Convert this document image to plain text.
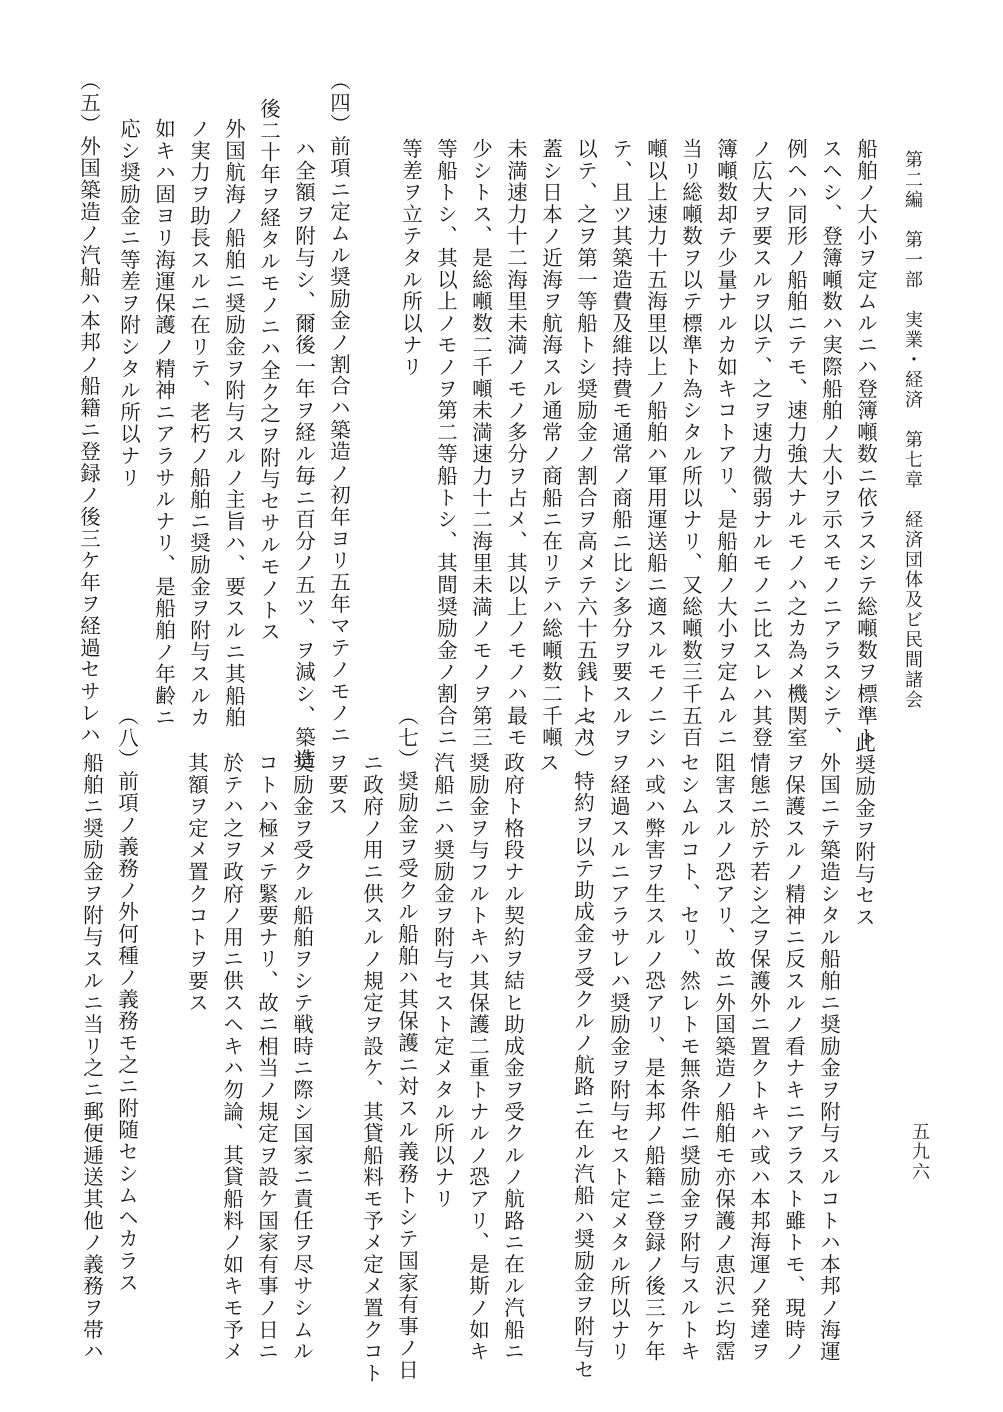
第二編　第一部　実業・経済　第七章　経済団体及ビ民間諸会
五九六
船舶ノ大小ヲ定ムルニハ登簿噸数ニ依ラスシテ総噸数ヲ標準ト
スヘシ、登簿噸数ハ実際船舶ノ大小ヲ示スモノニアラスシテ、
例ヘハ同形ノ船舶ニテモ、速力強大ナルモノハ之カ為メ機関室
ノ広大ヲ要スルヲ以テ、之ヲ速力微弱ナルモノニ比スレハ其登
簿噸数却テ少量ナルカ如キコトアリ、是船舶ノ大小ヲ定ムルニ
当リ総噸数ヲ以テ標準ト為シタル所以ナリ、又総噸数三千五百
噸以上速力十五海里以上ノ船舶ハ軍用運送船ニ適スルモノニシ
テ、且ツ其築造費及維持費モ通常ノ商船ニ比シ多分ヲ要スルヲ
以テ、之ヲ第一等船トシ奨励金ノ割合ヲ高メテ六十五銭トセリ
蓋シ日本ノ近海ヲ航海スル通常ノ商船ニ在リテハ総噸数二千噸
未満速力十二海里未満ノモノ多分ヲ占メ、其以上ノモノハ最モ
少シトス、是総噸数二千噸未満速力十二海里未満ノモノヲ第三
等船トシ、其以上ノモノヲ第二等船トシ、其間奨励金ノ割合ニ
等差ヲ立テタル所以ナリ
（四）前項ニ定ムル奨励金ノ割合ハ築造ノ初年ヨリ五年マテノモノニ
ハ全額ヲ附与シ、爾後一年ヲ経ル毎ニ百分ノ五ツ、ヲ減シ、築造
後二十年ヲ経タルモノニハ全ク之ヲ附与セサルモノトス
外国航海ノ船舶ニ奨励金ヲ附与スルノ主旨ハ、要スルニ其船舶
ノ実力ヲ助長スルニ在リテ、老朽ノ船舶ニ奨励金ヲ附与スルカ
如キハ固ヨリ海運保護ノ精神ニアラサルナリ、是船舶ノ年齢ニ
応シ奨励金ニ等差ヲ附シタル所以ナリ
（五）外国築造ノ汽船ハ本邦ノ船籍ニ登録ノ後三ケ年ヲ経過セサレハ
此奨励金ヲ附与セス
外国ニテ築造シタル船舶ニ奨励金ヲ附与スルコトハ本邦ノ海運
ヲ保護スルノ精神ニ反スルノ看ナキニアラスト雖トモ、現時ノ
情態ニ於テ若シ之ヲ保護外ニ置クトキハ或ハ本邦海運ノ発達ヲ
阻害スルノ恐アリ、故ニ外国築造ノ船舶モ亦保護ノ恵沢ニ均霑
セシムルコト、セリ、然レトモ無条件ニ奨励金ヲ附与スルトキ
ハ或ハ弊害ヲ生スルノ恐アリ、是本邦ノ船籍ニ登録ノ後三ケ年
ヲ経過スルニアラサレハ奨励金ヲ附与セスト定メタル所以ナリ
（六）特約ヲ以テ助成金ヲ受クルノ航路ニ在ル汽船ハ奨励金ヲ附与セ
ス
政府ト格段ナル契約ヲ結ヒ助成金ヲ受クルノ航路ニ在ル汽船ニ
奨励金ヲ与フルトキハ其保護二重トナルノ恐アリ、是斯ノ如キ
汽船ニハ奨励金ヲ附与セスト定メタル所以ナリ
（七）奨励金ヲ受クル船舶ハ其保護ニ対スル義務トシテ国家有事ノ日
ニ政府ノ用ニ供スルノ規定ヲ設ケ、其貸船料モ予メ定メ置クコト
ヲ要ス
奨励金ヲ受クル船舶ヲシテ戦時ニ際シ国家ニ責任ヲ尽サシムル
コトハ極メテ緊要ナリ、故ニ相当ノ規定ヲ設ケ国家有事ノ日ニ
於テハ之ヲ政府ノ用ニ供スヘキハ勿論、其貸船料ノ如キモ予メ
其額ヲ定メ置クコトヲ要ス
（八）前項ノ義務ノ外何種ノ義務モ之ニ附随セシムヘカラス
船舶ニ奨励金ヲ附与スルニ当リ之ニ郵便逓送其他ノ義務ヲ帯ハ
